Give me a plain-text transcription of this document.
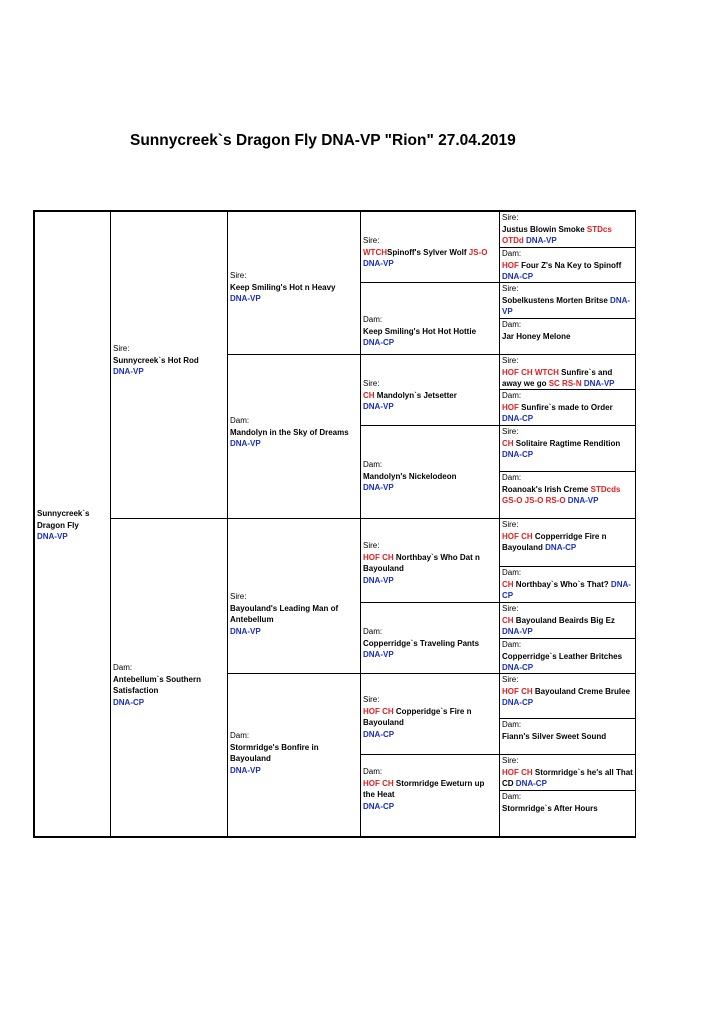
Sunnycreek`s Dragon Fly DNA-VP "Rion" 27.04.2019
Sunnycreek`s Dragon Fly
DNA-VP
Sire:
Sunnycreek`s Hot Rod
DNA-VP
Dam:
Antebellum`s Southern Satisfaction
DNA-CP
Sire:
Keep Smiling's Hot n Heavy
DNA-VP
Dam:
Mandolyn in the Sky of Dreams
DNA-VP
Sire:
Bayouland's Leading Man of Antebellum
DNA-VP
Dam:
Stormridge's Bonfire in Bayouland
DNA-VP
Sire:
WTCHSpinoff's Sylver Wolf JS-O
DNA-VP
Dam:
Keep Smiling's Hot Hot Hottie
DNA-CP
Sire:
CH Mandolyn`s Jetsetter
DNA-VP
Dam:
Mandolyn's Nickelodeon
DNA-VP
Sire:
HOF CH Northbay`s Who Dat n Bayouland
DNA-VP
Dam:
Copperridge`s Traveling Pants
DNA-VP
Sire:
HOF CH Copperidge`s Fire n Bayouland
DNA-CP
Dam:
HOF CH Stormridge Eweturn up the Heat
DNA-CP
Sire:
Justus Blowin Smoke STDcs OTDd DNA-VP
Dam:
HOF Four Z's Na Key to Spinoff DNA-CP
Sire:
Sobelkustens Morten Britse DNA-VP
Dam:
Jar Honey Melone
Sire:
HOF CH WTCH Sunfire`s and away we go SC RS-N DNA-VP
Dam:
HOF Sunfire`s made to Order DNA-CP
Sire:
CH Solitaire Ragtime Rendition DNA-CP
Dam:
Roanoak's Irish Creme STDcds GS-O JS-O RS-O DNA-VP
Sire:
HOF CH Copperridge Fire n Bayouland DNA-CP
Dam:
CH Northbay`s Who`s That? DNA-CP
Sire:
CH Bayouland Beairds Big Ez DNA-VP
Dam:
Copperridge`s Leather Britches DNA-CP
Sire:
HOF CH Bayouland Creme Brulee DNA-CP
Dam:
Fiann's Silver Sweet Sound
Sire:
HOF CH Stormridge`s he's all That CD DNA-CP
Dam:
Stormridge`s After Hours
